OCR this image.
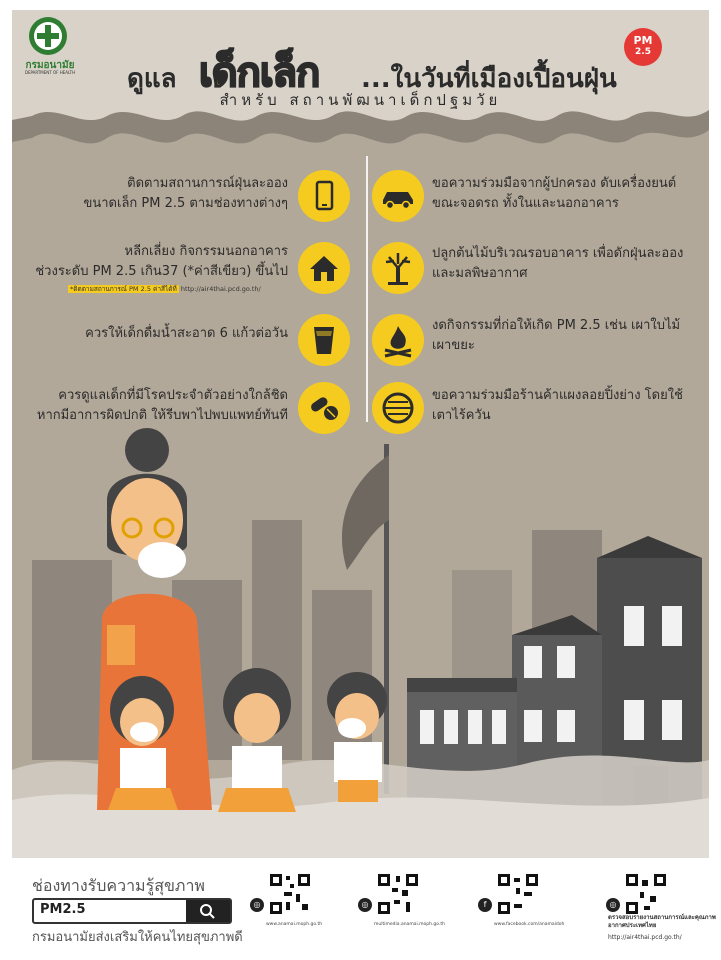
กรมอนามัย
DEPARTMENT OF HEALTH ดูแล เด็กเล็ก ...ในวันที่เมืองเปื้อนฝุ่น
PM
2.5
สำหรับ สถานพัฒนาเด็กปฐมวัย
ติดตามสถานการณ์ฝุ่นละออง
ขนาดเล็ก PM 2.5 ตามช่องทางต่างๆ
หลีกเลี่ยง กิจกรรมนอกอาคาร
ช่วงระดับ PM 2.5 เกิน37 (*ค่าสีเขียว) ขึ้นไป
*ติดตามสถานการณ์ PM 2.5 ค่าสีได้ที่ http://air4thai.pcd.go.th/
ควรให้เด็กดื่มน้ำสะอาด 6 แก้วต่อวัน
ควรดูแลเด็กที่มีโรคประจำตัวอย่างใกล้ชิด
หากมีอาการผิดปกติ ให้รีบพาไปพบแพทย์ทันที
ขอความร่วมมือจากผู้ปกครอง ดับเครื่องยนต์
ขณะจอดรถ ทั้งในและนอกอาคาร
ปลูกต้นไม้บริเวณรอบอาคาร เพื่อดักฝุ่นละออง
และมลพิษอากาศ
งดกิจกรรมที่ก่อให้เกิด PM 2.5 เช่น เผาใบไม้
เผาขยะ
ขอความร่วมมือร้านค้าแผงลอยปิ้งย่าง โดยใช้
เตาไร้ควัน
ช่องทางรับความรู้สุขภาพ
PM2.5
กรมอนามัยส่งเสริมให้คนไทยสุขภาพดี
◎
www.anamai.moph.go.th
◎
multimedia.anamai.moph.go.th
f
www.facebook.com/anamaidoh
◎
ตรวจสอบรายงานสถานการณ์และคุณภาพอากาศประเทศไทย
http://air4thai.pcd.go.th/
